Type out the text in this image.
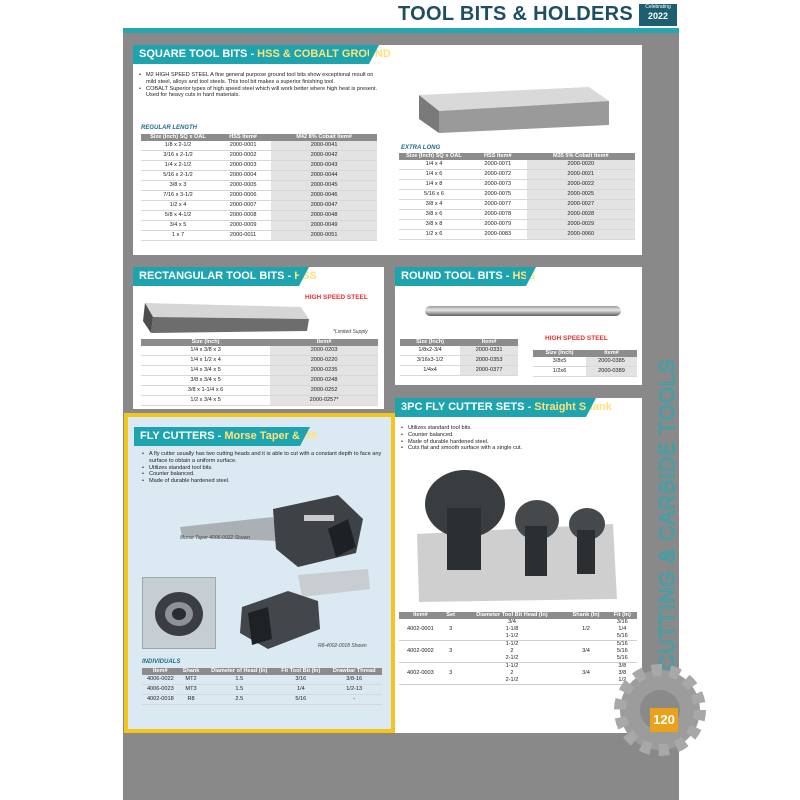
TOOL BITS & HOLDERS	Celebrating
2022
SQUARE TOOL BITS - HSS & COBALT GROUND
• M2 HIGH SPEED STEEL A fine general purpose ground tool bits show exceptional result on mild steel, alloys and tool steels. This tool bit makes a superior finishing tool.
• COBALT Superior types of high speed steel which will work better where high heat is present. Used for heavy cuts in hard materials.
REGULAR LENGTH
Size (Inch) SQ x OAL	HSS Item#	M42 8% Cobalt Item#
1/8 x 2-1/2	2000-0001	2000-0041
3/16 x 2-1/2	2000-0002	2000-0042
1/4 x 2-1/2	2000-0003	2000-0043
5/16 x 2-1/2	2000-0004	2000-0044
3/8 x 3	2000-0005	2000-0045
7/16 x 3-1/2	2000-0006	2000-0046
1/2 x 4	2000-0007	2000-0047
5/8 x 4-1/2	2000-0008	2000-0048
3/4 x 5	2000-0009	2000-0049
1 x 7	2000-0011	2000-0051
EXTRA LONG
Size (Inch) SQ x OAL	HSS Item#	M35 5% Cobalt Item#
1/4 x 4	2000-0071	2000-0020
1/4 x 6	2000-0072	2000-0021
1/4 x 8	2000-0073	2000-0022
5/16 x 6	2000-0075	2000-0025
3/8 x 4	2000-0077	2000-0027
3/8 x 6	2000-0078	2000-0028
3/8 x 8	2000-0079	2000-0029
1/2 x 6	2000-0083	2000-0060
RECTANGULAR TOOL BITS - HSS
HIGH SPEED STEEL
*Limited Supply
Size (Inch)	Item#
1/4 x 3/8 x 3	2000-0203
1/4 x 1/2 x 4	2000-0220
1/4 x 3/4 x 5	2000-0235
3/8 x 3/4 x 5	2000-0248
3/8 x 1-1/4 x 6	2000-0252
1/2 x 3/4 x 5	2000-0257*
ROUND TOOL BITS - HSS
HIGH SPEED STEEL
Size (Inch)	Item#
1/8x2-3/4	2000-0331
3/16x3-1/2	2000-0353
1/4x4	2000-0377
Size (Inch)	Item#
3/8x5	2000-0385
1/2x6	2000-0389
FLY CUTTERS - Morse Taper & R8
• A fly cutter usually has two cutting heads and it is able to cut with a constant depth to face any surface to obtain a uniform surface.
• Utilizes standard tool bits.
• Counter balanced.
• Made of durable hardened steel.
Morse Taper 4006-0022 Shown
R8-4002-0018 Shown
INDIVIDUALS
Item#	Shank	Diameter of Head (In)	Fit Tool Bit (In)	Drawbar Thread
4006-0022	MT2	1.5	3/16	3/8-16
4006-0023	MT3	1.5	1/4	1/2-13
4002-0018	R8	2.5	5/16	-
3PC FLY CUTTER SETS - Straight Shank
• Utilizes standard tool bits.
• Counter balanced.
• Made of durable hardened steel.
• Cuts flat and smooth surface with a single cut.
Item#	Set	Diameter Tool Bit Head (In)	Shank (In)	Fit (In)
		3/4		3/16
4002-0001	3	1-1/8	1/2	1/4
		1-1/2		5/16
		1-1/2		5/16
4002-0002	3	2	3/4	5/16
		2-1/2		5/16
		1-1/2		3/8
4002-0003	3	2	3/4	3/8
		2-1/2		1/2
CUTTING & CARBIDE TOOLS
120
